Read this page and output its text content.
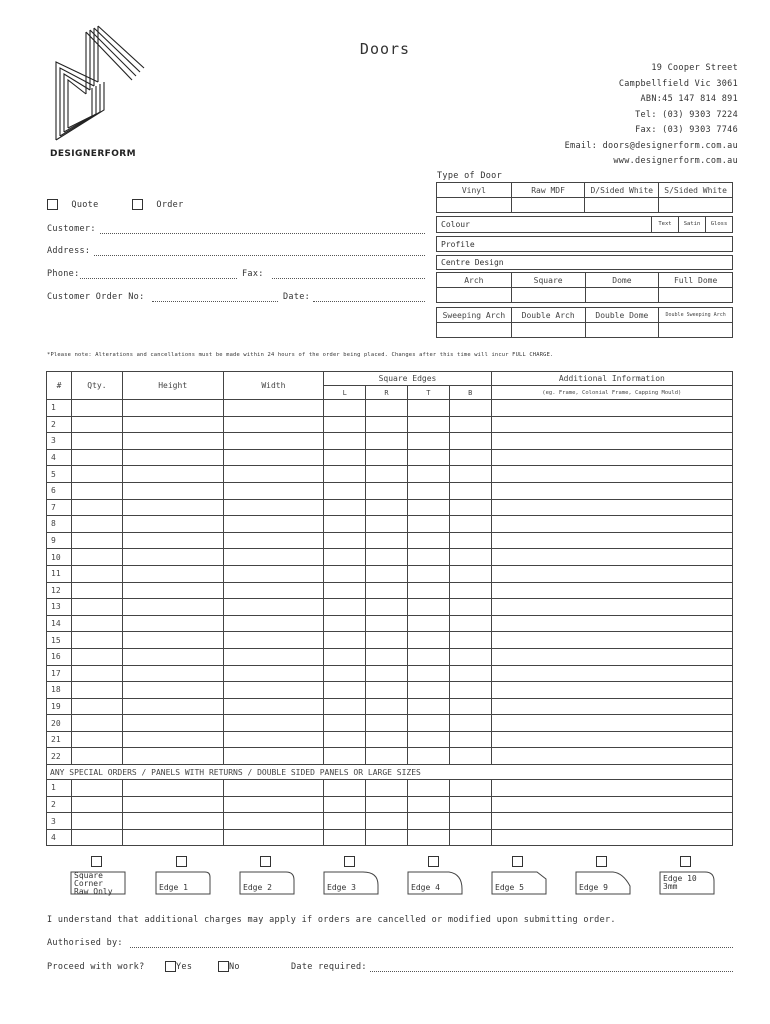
DESIGNERFORM
Doors
19 Cooper Street
Campbellfield Vic 3061
ABN:45 147 814 891
Tel: (03) 9303 7224
Fax: (03) 9303 7746
Email: doors@designerform.com.au
www.designerform.com.au
Quote	Order
Customer:
Address:
Phone:	Fax:
Customer Order No:	Date:
Type of Door
Vinyl	Raw MDF	D/Sided White	S/Sided White

Colour	Text	Satin	Gloss
Profile
Centre Design
Arch	Square	Dome	Full Dome

Sweeping Arch	Double Arch	Double Dome	Double Sweeping Arch

*Please note: Alterations and cancellations must be made within 24 hours of the order being placed. Changes after this time will incur FULL CHARGE.
#	Qty.	Height	Width	Square Edges				Additional Information
				L	R	T	B	(eg. Frame, Colonial Frame, Capping Mould)
1								
2								
3								
4								
5								
6								
7								
8								
9								
10								
11								
12								
13								
14								
15								
16								
17								
18								
19								
20								
21								
22								
ANY SPECIAL ORDERS / PANELS WITH RETURNS / DOUBLE SIDED PANELS OR LARGE SIZES								
1								
2								
3								
4								
Square Corner Raw Only	Edge 1	Edge 2	Edge 3	Edge 4	Edge 5	Edge 9
Edge 10 3mm
I understand that additional charges may apply if orders are cancelled or modified upon submitting order.
Authorised by:
Proceed with work?	Yes	No	Date required:
